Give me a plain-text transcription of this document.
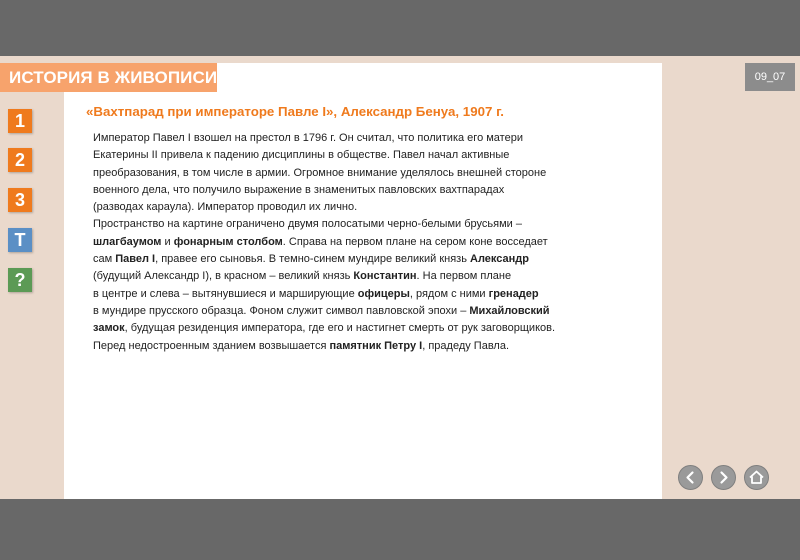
ИСТОРИЯ В ЖИВОПИСИ	09_07
1
2
3
Т
?
«Вахтпарад при императоре Павле I», Александр Бенуа, 1907 г.

Император Павел I взошел на престол в 1796 г. Он считал, что политика его матери

Екатерины II привела к падению дисциплины в обществе. Павел начал активные

преобразования, в том числе в армии. Огромное внимание уделялось внешней стороне

военного дела, что получило выражение в знаменитых павловских вахтпарадах

(разводах караула). Император проводил их лично.

Пространство на картине ограничено двумя полосатыми черно-белыми брусьями –

шлагбаумом и фонарным столбом. Справа на первом плане на сером коне восседает

сам Павел I, правее его сыновья. В темно-синем мундире великий князь Александр

(будущий Александр I), в красном – великий князь Константин. На первом плане

в центре и слева – вытянувшиеся и марширующие офицеры, рядом с ними гренадер

в мундире прусского образца. Фоном служит символ павловской эпохи – Михайловский

замок, будущая резиденция императора, где его и настигнет смерть от рук заговорщиков.

Перед недостроенным зданием возвышается памятник Петру I, прадеду Павла.
